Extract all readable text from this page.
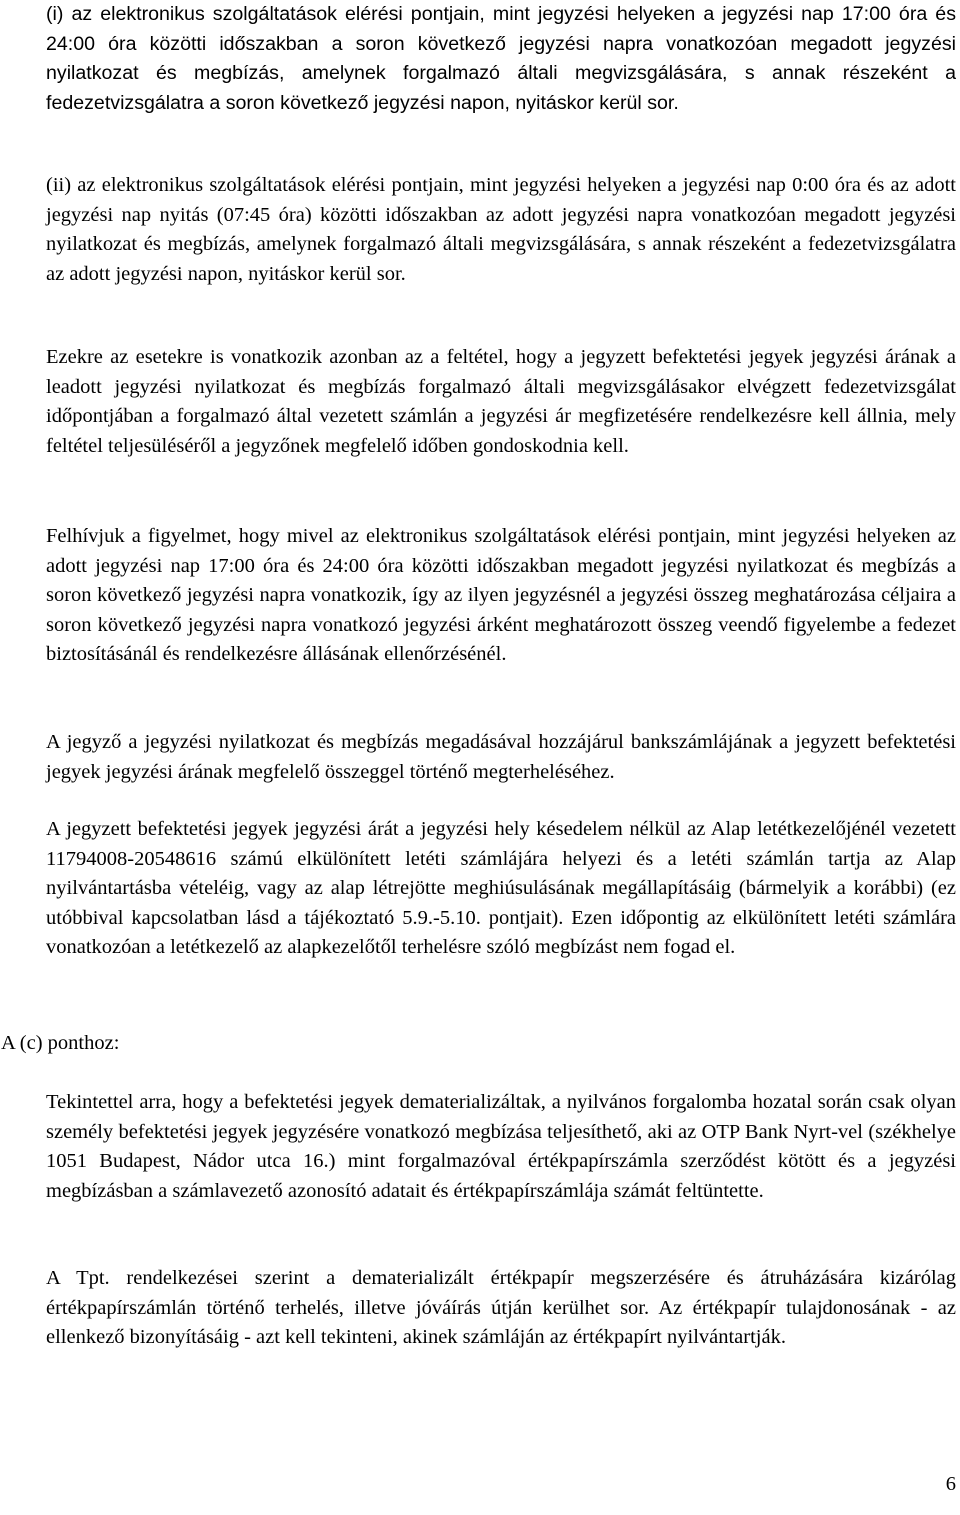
(i) az elektronikus szolgáltatások elérési pontjain, mint jegyzési helyeken a jegyzési nap 17:00 óra és 24:00 óra közötti időszakban a soron következő jegyzési napra vonatkozóan megadott jegyzési nyilatkozat és megbízás, amelynek forgalmazó általi megvizsgálására, s annak részeként a fedezetvizsgálatra a soron következő jegyzési napon, nyitáskor kerül sor.

(ii) az elektronikus szolgáltatások elérési pontjain, mint jegyzési helyeken a jegyzési nap 0:00 óra és az adott jegyzési nap nyitás (07:45 óra) közötti időszakban az adott jegyzési napra vonatkozóan megadott jegyzési nyilatkozat és megbízás, amelynek forgalmazó általi megvizsgálására, s annak részeként a fedezetvizsgálatra az adott jegyzési napon, nyitáskor kerül sor.

Ezekre az esetekre is vonatkozik azonban az a feltétel, hogy a jegyzett befektetési jegyek jegyzési árának a leadott jegyzési nyilatkozat és megbízás forgalmazó általi megvizsgálásakor elvégzett fedezetvizsgálat időpontjában a forgalmazó által vezetett számlán a jegyzési ár megfizetésére rendelkezésre kell állnia, mely feltétel teljesüléséről a jegyzőnek megfelelő időben gondoskodnia kell.

Felhívjuk a figyelmet, hogy mivel az elektronikus szolgáltatások elérési pontjain, mint jegyzési helyeken az adott jegyzési nap 17:00 óra és 24:00 óra közötti időszakban megadott jegyzési nyilatkozat és megbízás a soron következő jegyzési napra vonatkozik, így az ilyen jegyzésnél a jegyzési összeg meghatározása céljaira a soron következő jegyzési napra vonatkozó jegyzési árként meghatározott összeg veendő figyelembe a fedezet biztosításánál és rendelkezésre állásának ellenőrzésénél.

A jegyző a jegyzési nyilatkozat és megbízás megadásával hozzájárul bankszámlájának a jegyzett befektetési jegyek jegyzési árának megfelelő összeggel történő megterheléséhez.

A jegyzett befektetési jegyek jegyzési árát a jegyzési hely késedelem nélkül az Alap letétkezelőjénél vezetett 11794008-20548616 számú elkülönített letéti számlájára helyezi és a letéti számlán tartja az Alap nyilvántartásba vételéig, vagy az alap létrejötte meghiúsulásának megállapításáig (bármelyik a korábbi) (ez utóbbival kapcsolatban lásd a tájékoztató 5.9.-5.10. pontjait). Ezen időpontig az elkülönített letéti számlára vonatkozóan a letétkezelő az alapkezelőtől terhelésre szóló megbízást nem fogad el.

A (c) ponthoz:

Tekintettel arra, hogy a befektetési jegyek dematerializáltak, a nyilvános forgalomba hozatal során csak olyan személy befektetési jegyek jegyzésére vonatkozó megbízása teljesíthető, aki az OTP Bank Nyrt-vel (székhelye 1051 Budapest, Nádor utca 16.) mint forgalmazóval értékpapírszámla szerződést kötött és a jegyzési megbízásban a számlavezető azonosító adatait és értékpapírszámlája számát feltüntette.

A Tpt. rendelkezései szerint a dematerializált értékpapír megszerzésére és átruházására kizárólag értékpapírszámlán történő terhelés, illetve jóváírás útján kerülhet sor. Az értékpapír tulajdonosának - az ellenkező bizonyításáig - azt kell tekinteni, akinek számláján az értékpapírt nyilvántartják.

6
